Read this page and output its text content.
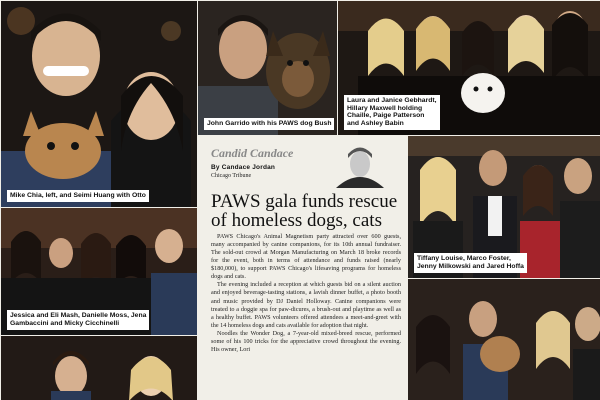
Mike Chia, left, and Seimi Huang with Otto
John Garrido with his PAWS dog Bush
Laura and Janice Gebhardt,
Hillary Maxwell holding
Chaille, Paige Patterson
and Ashley Babin
Tiffany Louise, Marco Foster,
Jenny Milkowski and Jared Hoffa
Jessica and Eli Mash, Danielle Moss, Jena
Gambaccini and Micky Cicchinelli
Candid Candace
By Candace Jordan
Chicago Tribune
PAWS gala funds rescue of homeless dogs, cats

PAWS Chicago's Animal Magnetism party attracted over 600 guests, many accompanied by canine companions, for its 10th annual fundraiser. The sold-out crowd at Morgan Manufacturing on March 18 broke records for the event, both in terms of attendance and funds raised (nearly $180,000), to support PAWS Chicago's lifesaving programs for homeless dogs and cats.

The evening included a reception at which guests bid on a silent auction and enjoyed beverage-tasting stations, a lavish dinner buffet, a photo booth and music provided by DJ Daniel Holloway. Canine companions were treated to a doggie spa for paw-dicures, a brush-out and playtime as well as a healthy buffet. PAWS volunteers offered attendees a meet-and-greet with the 14 homeless dogs and cats available for adoption that night.

Noodles the Wonder Dog, a 7-year-old mixed-breed rescue, performed some of his 100 tricks for the appreciative crowd throughout the evening. His owner, Lori
